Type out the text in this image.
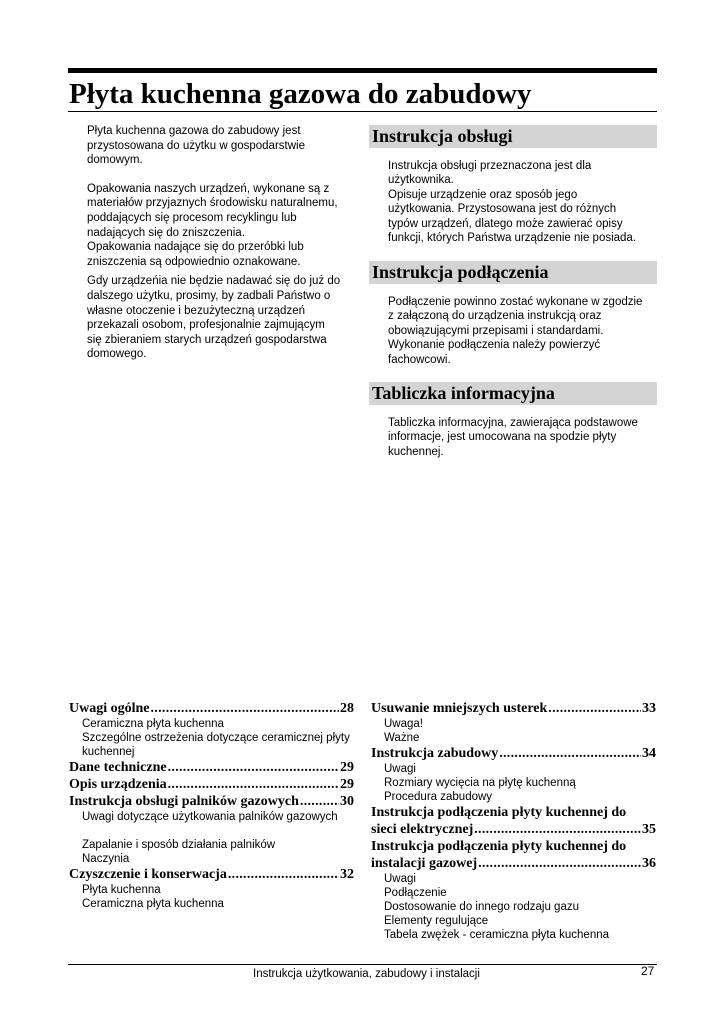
Płyta kuchenna gazowa do zabudowy

Płyta kuchenna gazowa do zabudowy jest
przystosowana do użytku w gospodarstwie
domowym.

Opakowania naszych urządzeń, wykonane są z
materiałów przyjaznych środowisku naturalnemu,
poddających się procesom recyklingu lub
nadających się do zniszczenia.
Opakowania nadające się do przeróbki lub
zniszczenia są odpowiednio oznakowane.

Gdy urządzeńia nie będzie nadawać się do już do
dalszego użytku, prosimy, by zadbali Państwo o
własne otoczenie i bezużyteczną urządzeń
przekazali osobom, profesjonalnie zajmującym
się zbieraniem starych urządzeń gospodarstwa
domowego.

Instrukcja obsługi
Instrukcja obsługi przeznaczona jest dla
użytkownika.
Opisuje urządzenie oraz sposób jego
użytkowania. Przystosowana jest do różnych
typów urządzeń, dlatego może zawierać opisy
funkcji, których Państwa urządzenie nie posiada.
Instrukcja podłączenia
Podłączenie powinno zostać wykonane w zgodzie
z załączoną do urządzenia instrukcją oraz
obowiązującymi przepisami i standardami.
Wykonanie podłączenia należy powierzyć
fachowcowi.
Tabliczka informacyjna
Tabliczka informacyjna, zawierająca podstawowe
informacje, jest umocowana na spodzie płyty
kuchennej.
Uwagi ogólne . . .	28
Ceramiczna płyta kuchenna
Szczególne ostrzeżenia dotyczące ceramicznej płyty kuchennej
Dane techniczne . . .	29
Opis urządzenia . . .	29
Instrukcja obsługi palników gazowych . . .	30
Uwagi dotyczące użytkowania palników gazowych
Zapalanie i sposób działania palników
Naczynia
Czyszczenie i konserwacja . . .	32
Płyta kuchenna
Ceramiczna płyta kuchenna
Usuwanie mniejszych usterek . . .	33
Uwaga!
Ważne
Instrukcja zabudowy . . .	34
Uwagi
Rozmiary wycięcia na płytę kuchenną
Procedura zabudowy
Instrukcja podłączenia płyty kuchennej do
sieci elektrycznej . . .	35
Instrukcja podłączenia płyty kuchennej do
instalacji gazowej . . .	36
Uwagi
Podłączenie
Dostosowanie do innego rodzaju gazu
Elementy regulujące
Tabela zwężek - ceramiczna płyta kuchenna
Instrukcja użytkowania, zabudowy i instalacji	27
